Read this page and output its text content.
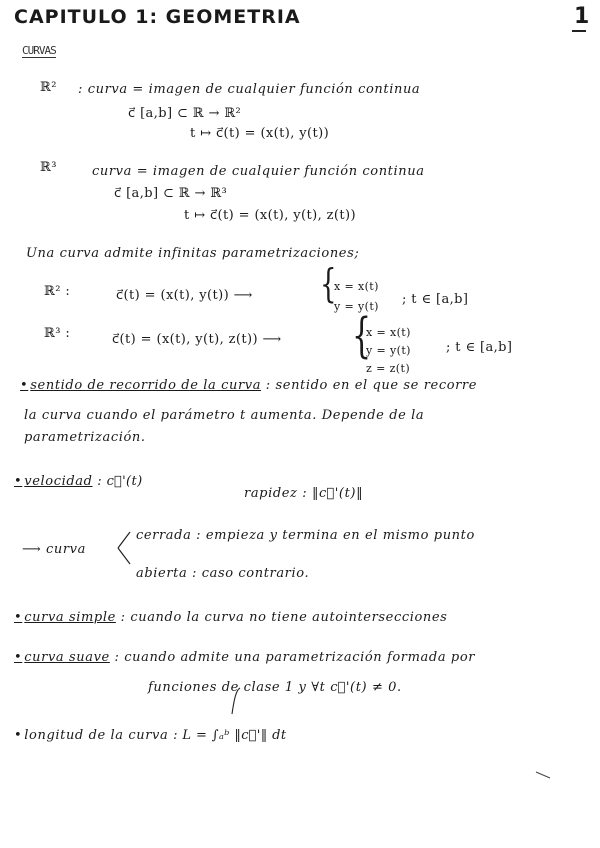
CAPITULO 1: GEOMETRIA	1
CURVAS
ℝ² : curva = imagen de cualquier función continua
c⃗ [a,b] ⊂ ℝ → ℝ²
t ↦ c⃗(t) = (x(t), y(t))
ℝ³	curva = imagen de cualquier función continua
c⃗ [a,b] ⊂ ℝ → ℝ³
t ↦ c⃗(t) = (x(t), y(t), z(t))
Una curva admite infinitas parametrizaciones;
ℝ² :	c⃗(t) = (x(t), y(t)) ⟶	{
x = x(t)
y = y(t) ; t ∈ [a,b]
ℝ³ :	c⃗(t) = (x(t), y(t), z(t)) ⟶ {
x = x(t)
y = y(t)
z = z(t)
; t ∈ [a,b]
• sentido de recorrido de la curva : sentido en el que se recorre
la curva cuando el parámetro t aumenta. Depende de la
parametrización.
• velocidad : c⃗'(t)
rapidez : ‖c⃗'(t)‖
⟶ curva
cerrada : empieza y termina en el mismo punto
abierta : caso contrario.
• curva simple : cuando la curva no tiene autointersecciones
• curva suave : cuando admite una parametrización formada por
funciones de clase 1 y ∀t c⃗'(t) ≠ 0.
• longitud de la curva : L = ∫ₐᵇ ‖c⃗'‖ dt
